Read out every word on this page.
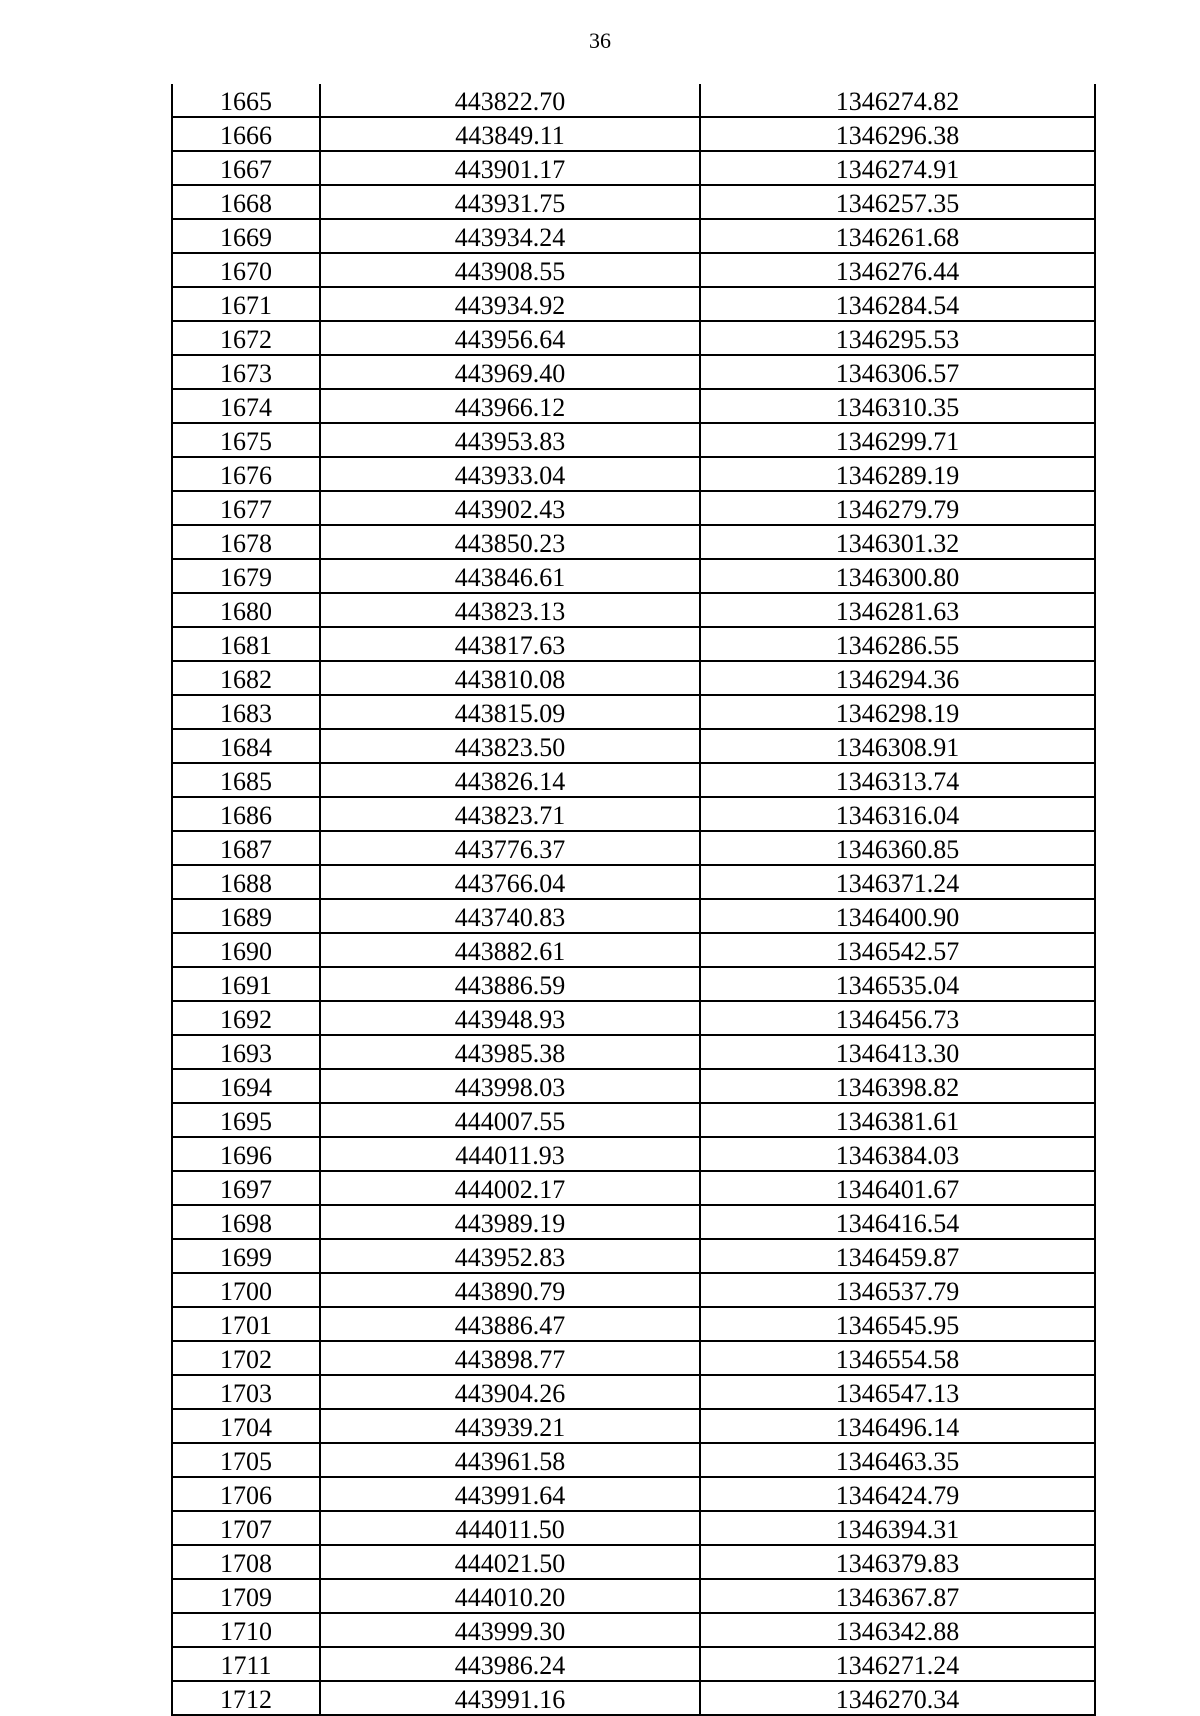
36
1665	443822.70	1346274.82
1666	443849.11	1346296.38
1667	443901.17	1346274.91
1668	443931.75	1346257.35
1669	443934.24	1346261.68
1670	443908.55	1346276.44
1671	443934.92	1346284.54
1672	443956.64	1346295.53
1673	443969.40	1346306.57
1674	443966.12	1346310.35
1675	443953.83	1346299.71
1676	443933.04	1346289.19
1677	443902.43	1346279.79
1678	443850.23	1346301.32
1679	443846.61	1346300.80
1680	443823.13	1346281.63
1681	443817.63	1346286.55
1682	443810.08	1346294.36
1683	443815.09	1346298.19
1684	443823.50	1346308.91
1685	443826.14	1346313.74
1686	443823.71	1346316.04
1687	443776.37	1346360.85
1688	443766.04	1346371.24
1689	443740.83	1346400.90
1690	443882.61	1346542.57
1691	443886.59	1346535.04
1692	443948.93	1346456.73
1693	443985.38	1346413.30
1694	443998.03	1346398.82
1695	444007.55	1346381.61
1696	444011.93	1346384.03
1697	444002.17	1346401.67
1698	443989.19	1346416.54
1699	443952.83	1346459.87
1700	443890.79	1346537.79
1701	443886.47	1346545.95
1702	443898.77	1346554.58
1703	443904.26	1346547.13
1704	443939.21	1346496.14
1705	443961.58	1346463.35
1706	443991.64	1346424.79
1707	444011.50	1346394.31
1708	444021.50	1346379.83
1709	444010.20	1346367.87
1710	443999.30	1346342.88
1711	443986.24	1346271.24
1712	443991.16	1346270.34
